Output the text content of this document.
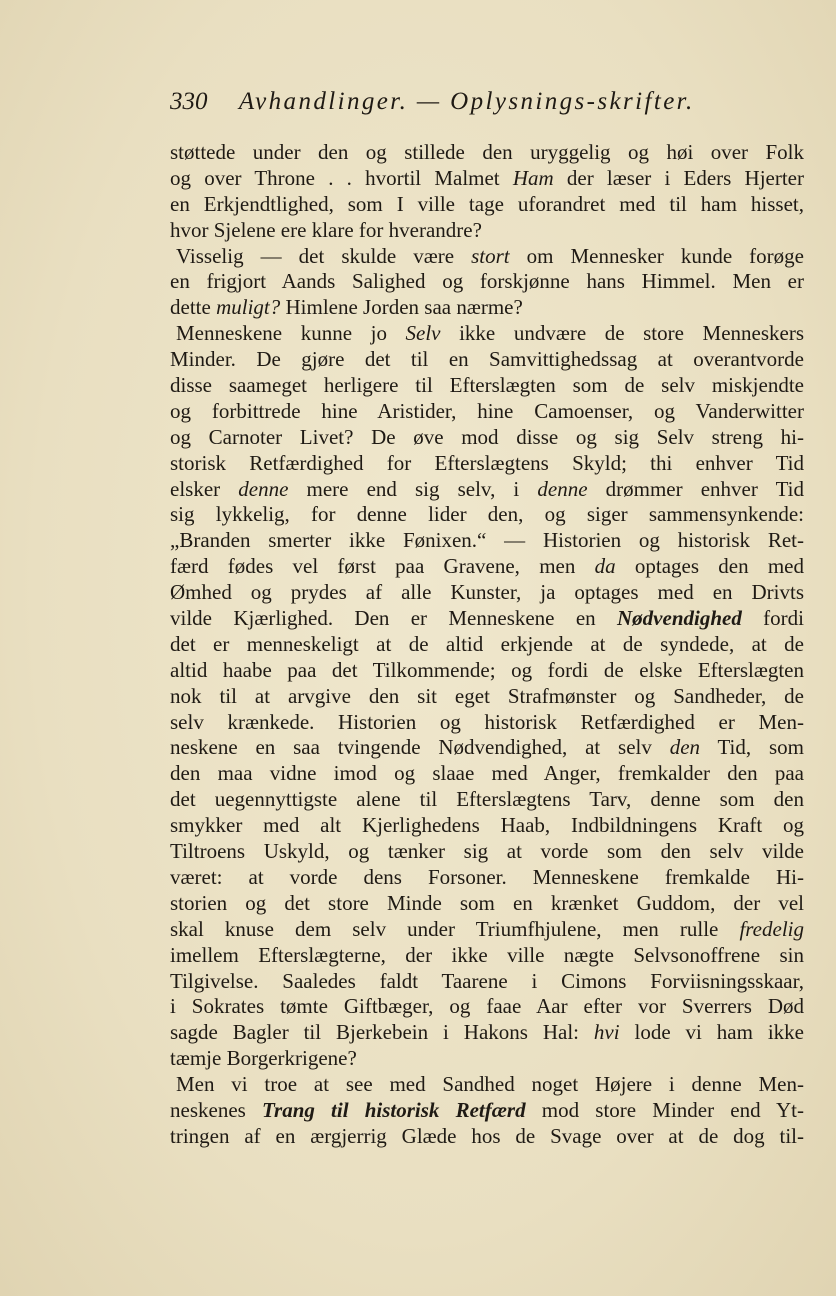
330 Avhandlinger. — Oplysnings-skrifter.
støttede under den og stillede den uryggelig og høi over Folk
og over Throne . . hvortil Malmet Ham der læser i Eders Hjerter
en Erkjendtlighed, som I ville tage uforandret med til ham hisset,
hvor Sjelene ere klare for hverandre?
Visselig — det skulde være stort om Mennesker kunde forøge
en frigjort Aands Salighed og forskjønne hans Himmel. Men er
dette muligt? Himlene Jorden saa nærme?
Menneskene kunne jo Selv ikke undvære de store Menneskers
Minder. De gjøre det til en Samvittighedssag at overantvorde
disse saameget herligere til Efterslægten som de selv miskjendte
og forbittrede hine Aristider, hine Camoenser, og Vanderwitter
og Carnoter Livet? De øve mod disse og sig Selv streng hi-
storisk Retfærdighed for Efterslægtens Skyld; thi enhver Tid
elsker denne mere end sig selv, i denne drømmer enhver Tid
sig lykkelig, for denne lider den, og siger sammensynkende:
„Branden smerter ikke Fønixen.“ — Historien og historisk Ret-
færd fødes vel først paa Gravene, men da optages den med
Ømhed og prydes af alle Kunster, ja optages med en Drivts
vilde Kjærlighed. Den er Menneskene en Nødvendighed fordi
det er menneskeligt at de altid erkjende at de syndede, at de
altid haabe paa det Tilkommende; og fordi de elske Efterslægten
nok til at arvgive den sit eget Strafmønster og Sandheder, de
selv krænkede. Historien og historisk Retfærdighed er Men-
neskene en saa tvingende Nødvendighed, at selv den Tid, som
den maa vidne imod og slaae med Anger, fremkalder den paa
det uegennyttigste alene til Efterslægtens Tarv, denne som den
smykker med alt Kjerlighedens Haab, Indbildningens Kraft og
Tiltroens Uskyld, og tænker sig at vorde som den selv vilde
været: at vorde dens Forsoner. Menneskene fremkalde Hi-
storien og det store Minde som en krænket Guddom, der vel
skal knuse dem selv under Triumfhjulene, men rulle fredelig
imellem Efterslægterne, der ikke ville nægte Selvsonoffrene sin
Tilgivelse. Saaledes faldt Taarene i Cimons Forviisningsskaar,
i Sokrates tømte Giftbæger, og faae Aar efter vor Sverrers Død
sagde Bagler til Bjerkebein i Hakons Hal: hvi lode vi ham ikke
tæmje Borgerkrigene?
Men vi troe at see med Sandhed noget Højere i denne Men-
neskenes Trang til historisk Retfærd mod store Minder end Yt-
tringen af en ærgjerrig Glæde hos de Svage over at de dog til-
